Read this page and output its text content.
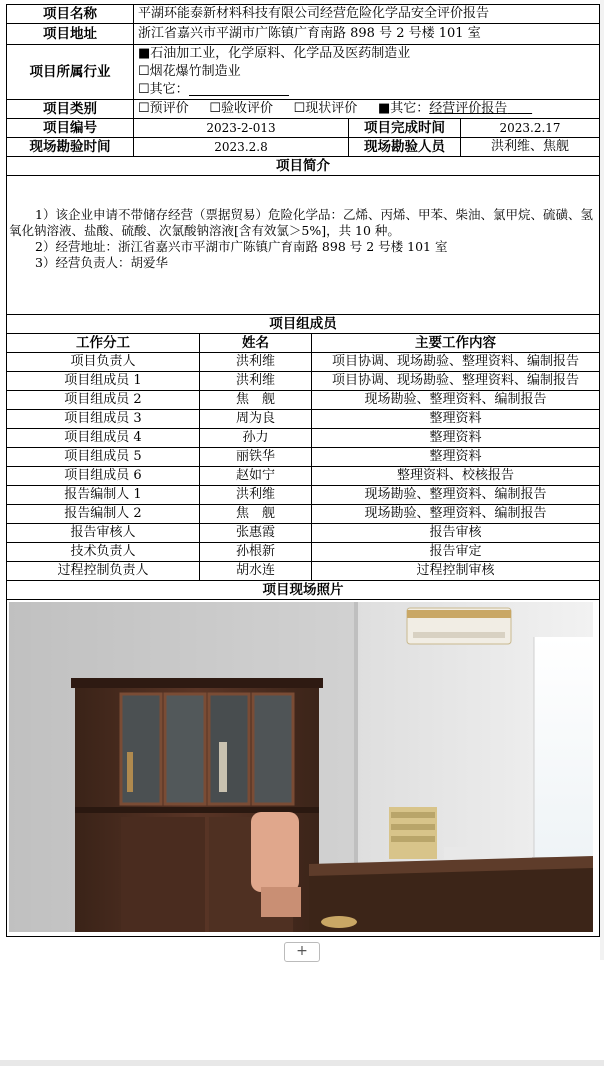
项目名称	平湖环能泰新材料科技有限公司经营危险化学品安全评价报告		
项目地址	浙江省嘉兴市平湖市广陈镇广育南路 898 号 2 号楼 101 室		
项目所属行业	■石油加工业，化学原料、化学品及医药制造业
☐烟花爆竹制造业
☐其它：		

项目类别	☐预评价 ☐验收评价 ☐现状评价 ■其它：经营评价报告		
项目编号	2023-2-013	项目完成时间	2023.2.17
现场勘验时间	2023.2.8	现场勘验人员	洪利维、焦舰
项目简介			

1）该企业申请不带储存经营（票据贸易）危险化学品：乙烯、丙烯、甲苯、柴油、氯甲烷、硫磺、氢氧化钠溶液、盐酸、硫酸、次氯酸钠溶液[含有效氯＞5%]，共 10 种。

2）经营地址：浙江省嘉兴市平湖市广陈镇广育南路 898 号 2 号楼 101 室

3）经营负责人：胡爱华			

项目组成员			
工作分工	姓名	主要工作内容
项目负责人	洪利维	项目协调、现场勘验、整理资料、编制报告
项目组成员 1	洪利维	项目协调、现场勘验、整理资料、编制报告
项目组成员 2	焦　舰	现场勘验、整理资料、编制报告
项目组成员 3	周为良	整理资料
项目组成员 4	孙力	整理资料
项目组成员 5	丽铁华	整理资料
项目组成员 6	赵如宁	整理资料、校核报告
报告编制人 1	洪利维	现场勘验、整理资料、编制报告
报告编制人 2	焦　舰	现场勘验、整理资料、编制报告
报告审核人	张惠霞	报告审核
技术负责人	孙根新	报告审定
过程控制负责人	胡水连	过程控制审核
项目现场照片		

+
